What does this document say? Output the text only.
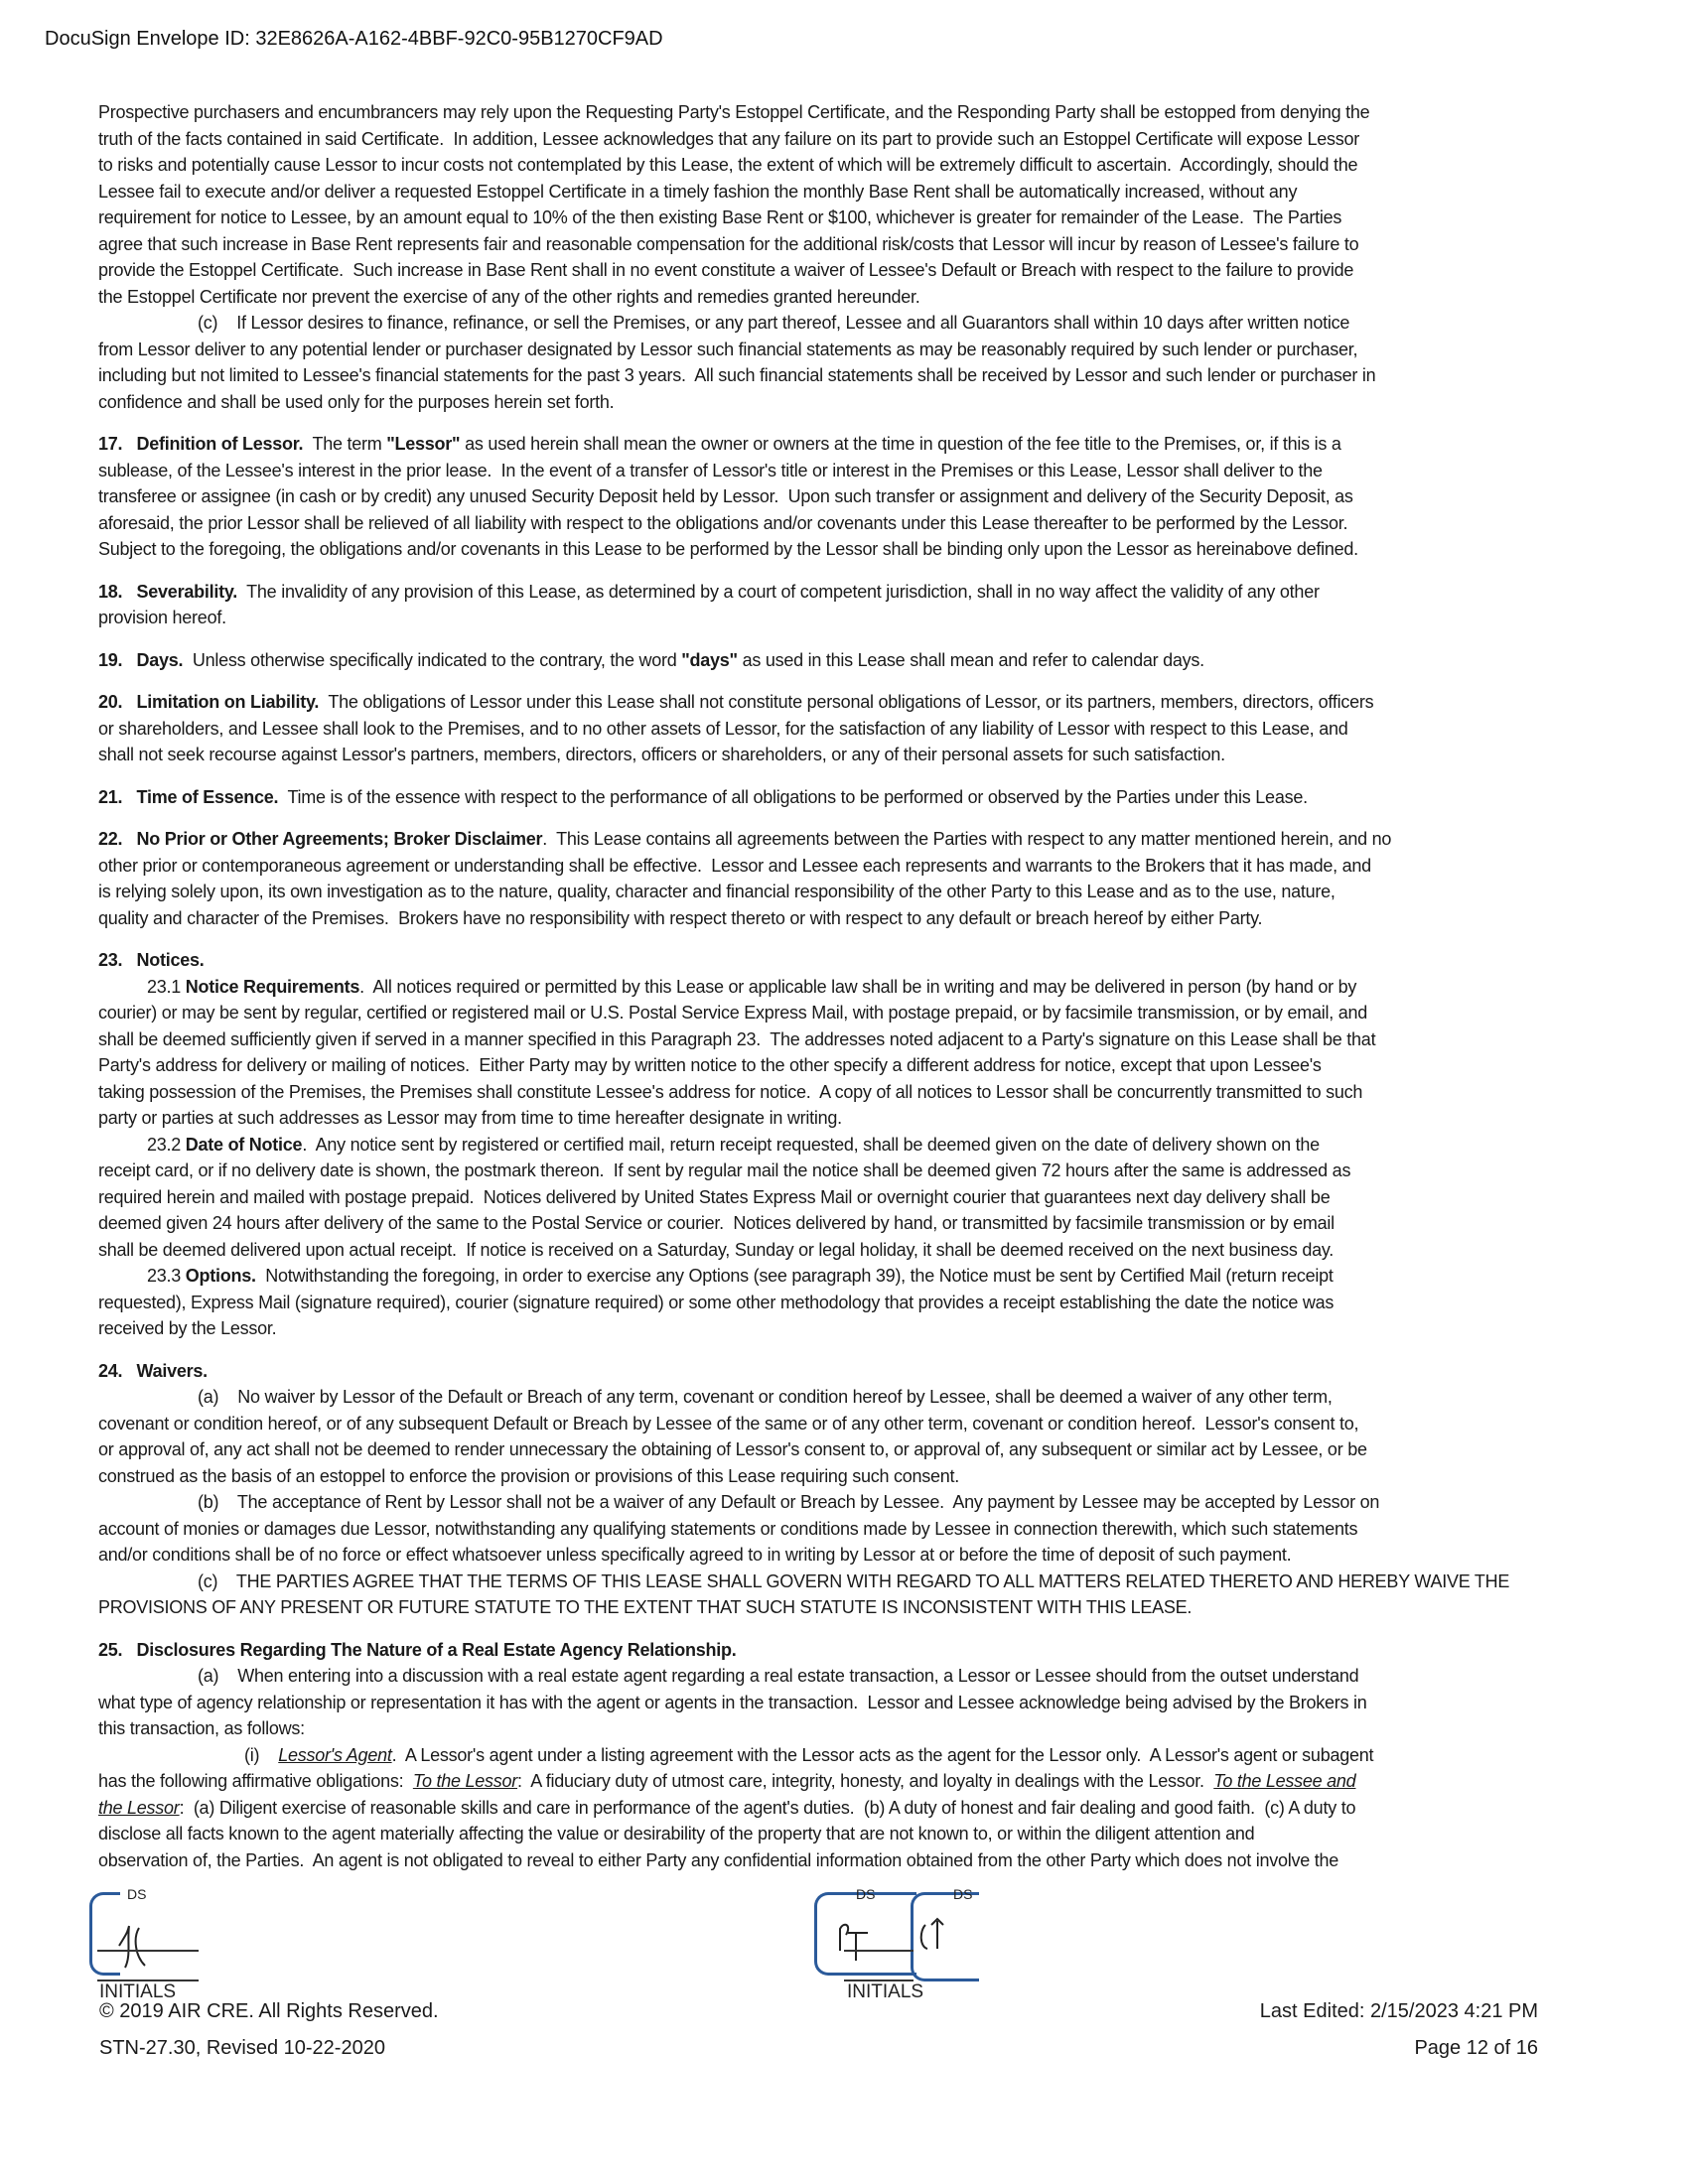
DocuSign Envelope ID: 32E8626A-A162-4BBF-92C0-95B1270CF9AD
Prospective purchasers and encumbrancers may rely upon the Requesting Party's Estoppel Certificate, and the Responding Party shall be estopped from denying the
truth of the facts contained in said Certificate.  In addition, Lessee acknowledges that any failure on its part to provide such an Estoppel Certificate will expose Lessor
to risks and potentially cause Lessor to incur costs not contemplated by this Lease, the extent of which will be extremely difficult to ascertain.  Accordingly, should the
Lessee fail to execute and/or deliver a requested Estoppel Certificate in a timely fashion the monthly Base Rent shall be automatically increased, without any
requirement for notice to Lessee, by an amount equal to 10% of the then existing Base Rent or $100, whichever is greater for remainder of the Lease.  The Parties
agree that such increase in Base Rent represents fair and reasonable compensation for the additional risk/costs that Lessor will incur by reason of Lessee's failure to
provide the Estoppel Certificate.  Such increase in Base Rent shall in no event constitute a waiver of Lessee's Default or Breach with respect to the failure to provide
the Estoppel Certificate nor prevent the exercise of any of the other rights and remedies granted hereunder.
(c)    If Lessor desires to finance, refinance, or sell the Premises, or any part thereof, Lessee and all Guarantors shall within 10 days after written notice
from Lessor deliver to any potential lender or purchaser designated by Lessor such financial statements as may be reasonably required by such lender or purchaser,
including but not limited to Lessee's financial statements for the past 3 years.  All such financial statements shall be received by Lessor and such lender or purchaser in
confidence and shall be used only for the purposes herein set forth.
17.   Definition of Lessor.  The term "Lessor" as used herein shall mean the owner or owners at the time in question of the fee title to the Premises, or, if this is a
sublease, of the Lessee's interest in the prior lease.  In the event of a transfer of Lessor's title or interest in the Premises or this Lease, Lessor shall deliver to the
transferee or assignee (in cash or by credit) any unused Security Deposit held by Lessor.  Upon such transfer or assignment and delivery of the Security Deposit, as
aforesaid, the prior Lessor shall be relieved of all liability with respect to the obligations and/or covenants under this Lease thereafter to be performed by the Lessor.
Subject to the foregoing, the obligations and/or covenants in this Lease to be performed by the Lessor shall be binding only upon the Lessor as hereinabove defined.
18.   Severability.  The invalidity of any provision of this Lease, as determined by a court of competent jurisdiction, shall in no way affect the validity of any other
provision hereof.
19.   Days.  Unless otherwise specifically indicated to the contrary, the word "days" as used in this Lease shall mean and refer to calendar days.
20.   Limitation on Liability.  The obligations of Lessor under this Lease shall not constitute personal obligations of Lessor, or its partners, members, directors, officers
or shareholders, and Lessee shall look to the Premises, and to no other assets of Lessor, for the satisfaction of any liability of Lessor with respect to this Lease, and
shall not seek recourse against Lessor's partners, members, directors, officers or shareholders, or any of their personal assets for such satisfaction.
21.   Time of Essence.  Time is of the essence with respect to the performance of all obligations to be performed or observed by the Parties under this Lease.
22.   No Prior or Other Agreements; Broker Disclaimer.  This Lease contains all agreements between the Parties with respect to any matter mentioned herein, and no
other prior or contemporaneous agreement or understanding shall be effective.  Lessor and Lessee each represents and warrants to the Brokers that it has made, and
is relying solely upon, its own investigation as to the nature, quality, character and financial responsibility of the other Party to this Lease and as to the use, nature,
quality and character of the Premises.  Brokers have no responsibility with respect thereto or with respect to any default or breach hereof by either Party.
23.   Notices.
23.1 Notice Requirements.  All notices required or permitted by this Lease or applicable law shall be in writing and may be delivered in person (by hand or by
courier) or may be sent by regular, certified or registered mail or U.S. Postal Service Express Mail, with postage prepaid, or by facsimile transmission, or by email, and
shall be deemed sufficiently given if served in a manner specified in this Paragraph 23.  The addresses noted adjacent to a Party's signature on this Lease shall be that
Party's address for delivery or mailing of notices.  Either Party may by written notice to the other specify a different address for notice, except that upon Lessee's
taking possession of the Premises, the Premises shall constitute Lessee's address for notice.  A copy of all notices to Lessor shall be concurrently transmitted to such
party or parties at such addresses as Lessor may from time to time hereafter designate in writing.
23.2 Date of Notice.  Any notice sent by registered or certified mail, return receipt requested, shall be deemed given on the date of delivery shown on the
receipt card, or if no delivery date is shown, the postmark thereon.  If sent by regular mail the notice shall be deemed given 72 hours after the same is addressed as
required herein and mailed with postage prepaid.  Notices delivered by United States Express Mail or overnight courier that guarantees next day delivery shall be
deemed given 24 hours after delivery of the same to the Postal Service or courier.  Notices delivered by hand, or transmitted by facsimile transmission or by email
shall be deemed delivered upon actual receipt.  If notice is received on a Saturday, Sunday or legal holiday, it shall be deemed received on the next business day.
23.3 Options.  Notwithstanding the foregoing, in order to exercise any Options (see paragraph 39), the Notice must be sent by Certified Mail (return receipt
requested), Express Mail (signature required), courier (signature required) or some other methodology that provides a receipt establishing the date the notice was
received by the Lessor.
24.   Waivers.
(a)    No waiver by Lessor of the Default or Breach of any term, covenant or condition hereof by Lessee, shall be deemed a waiver of any other term,
covenant or condition hereof, or of any subsequent Default or Breach by Lessee of the same or of any other term, covenant or condition hereof.  Lessor's consent to,
or approval of, any act shall not be deemed to render unnecessary the obtaining of Lessor's consent to, or approval of, any subsequent or similar act by Lessee, or be
construed as the basis of an estoppel to enforce the provision or provisions of this Lease requiring such consent.
(b)    The acceptance of Rent by Lessor shall not be a waiver of any Default or Breach by Lessee.  Any payment by Lessee may be accepted by Lessor on
account of monies or damages due Lessor, notwithstanding any qualifying statements or conditions made by Lessee in connection therewith, which such statements
and/or conditions shall be of no force or effect whatsoever unless specifically agreed to in writing by Lessor at or before the time of deposit of such payment.
(c)    THE PARTIES AGREE THAT THE TERMS OF THIS LEASE SHALL GOVERN WITH REGARD TO ALL MATTERS RELATED THERETO AND HEREBY WAIVE THE
PROVISIONS OF ANY PRESENT OR FUTURE STATUTE TO THE EXTENT THAT SUCH STATUTE IS INCONSISTENT WITH THIS LEASE.
25.   Disclosures Regarding The Nature of a Real Estate Agency Relationship.
(a)    When entering into a discussion with a real estate agent regarding a real estate transaction, a Lessor or Lessee should from the outset understand
what type of agency relationship or representation it has with the agent or agents in the transaction.  Lessor and Lessee acknowledge being advised by the Brokers in
this transaction, as follows:
(i)    Lessor's Agent.  A Lessor's agent under a listing agreement with the Lessor acts as the agent for the Lessor only.  A Lessor's agent or subagent
has the following affirmative obligations:  To the Lessor:  A fiduciary duty of utmost care, integrity, honesty, and loyalty in dealings with the Lessor.  To the Lessee and
the Lessor:  (a) Diligent exercise of reasonable skills and care in performance of the agent's duties.  (b) A duty of honest and fair dealing and good faith.  (c) A duty to
disclose all facts known to the agent materially affecting the value or desirability of the property that are not known to, or within the diligent attention and
observation of, the Parties.  An agent is not obligated to reveal to either Party any confidential information obtained from the other Party which does not involve the
DS
INITIALS
DS	DS
INITIALS
© 2019 AIR CRE. All Rights Reserved.
STN-27.30, Revised 10-22-2020
Last Edited: 2/15/2023 4:21 PM
Page 12 of 16
